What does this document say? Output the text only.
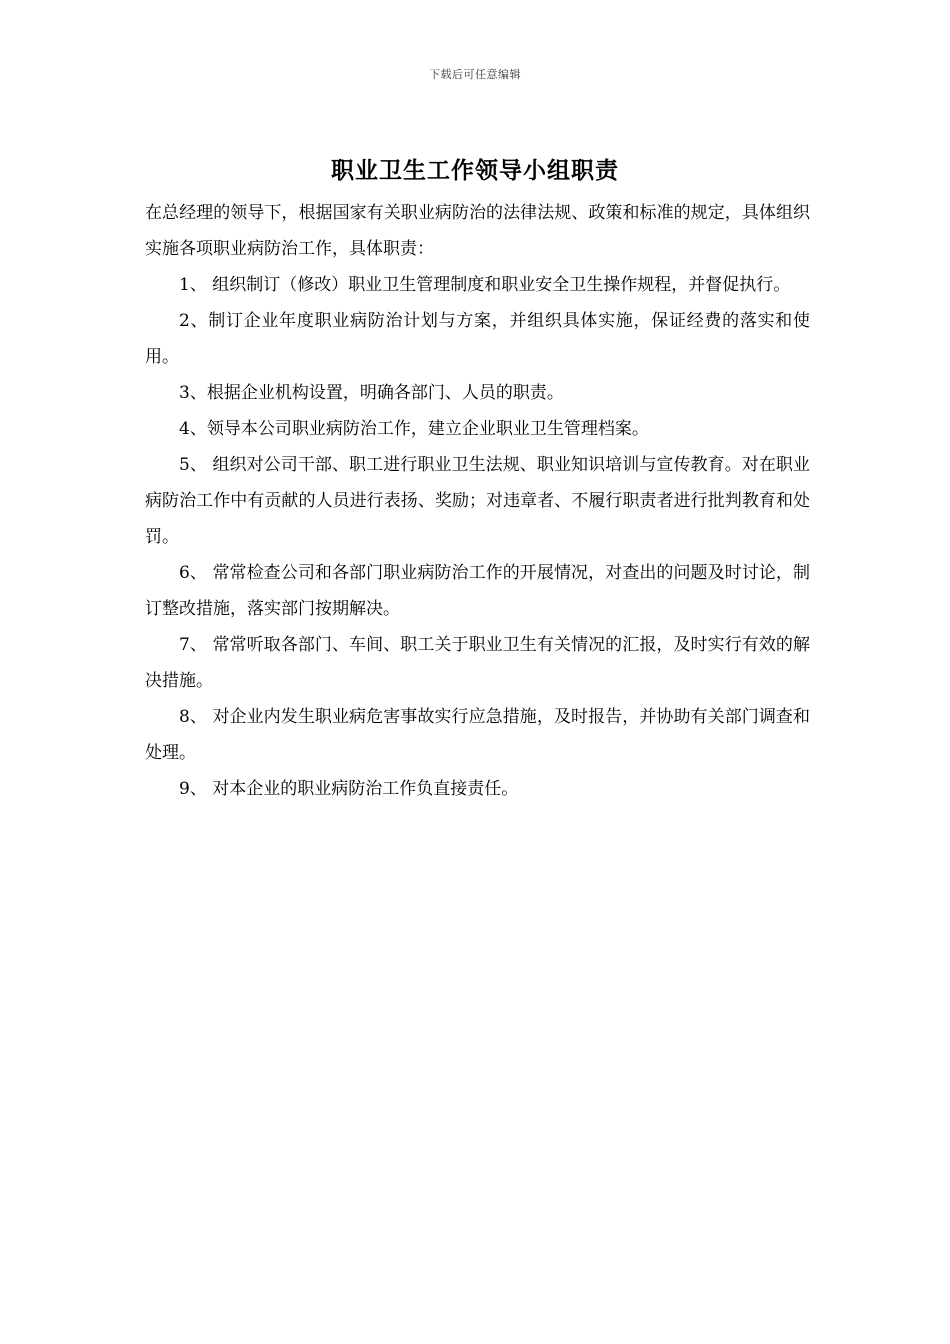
下载后可任意编辑
职业卫生工作领导小组职责

在总经理的领导下，根据国家有关职业病防治的法律法规、政策和标准的规定，具体组织实施各项职业病防治工作，具体职责：

1、 组织制订（修改）职业卫生管理制度和职业安全卫生操作规程，并督促执行。

2、制订企业年度职业病防治计划与方案，并组织具体实施，保证经费的落实和使用。

3、根据企业机构设置，明确各部门、人员的职责。

4、领导本公司职业病防治工作，建立企业职业卫生管理档案。

5、 组织对公司干部、职工进行职业卫生法规、职业知识培训与宣传教育。对在职业病防治工作中有贡献的人员进行表扬、奖励；对违章者、不履行职责者进行批判教育和处罚。

6、 常常检查公司和各部门职业病防治工作的开展情况，对查出的问题及时讨论，制订整改措施，落实部门按期解决。

7、 常常听取各部门、车间、职工关于职业卫生有关情况的汇报，及时实行有效的解决措施。

8、 对企业内发生职业病危害事故实行应急措施，及时报告，并协助有关部门调查和处理。

9、 对本企业的职业病防治工作负直接责任。
